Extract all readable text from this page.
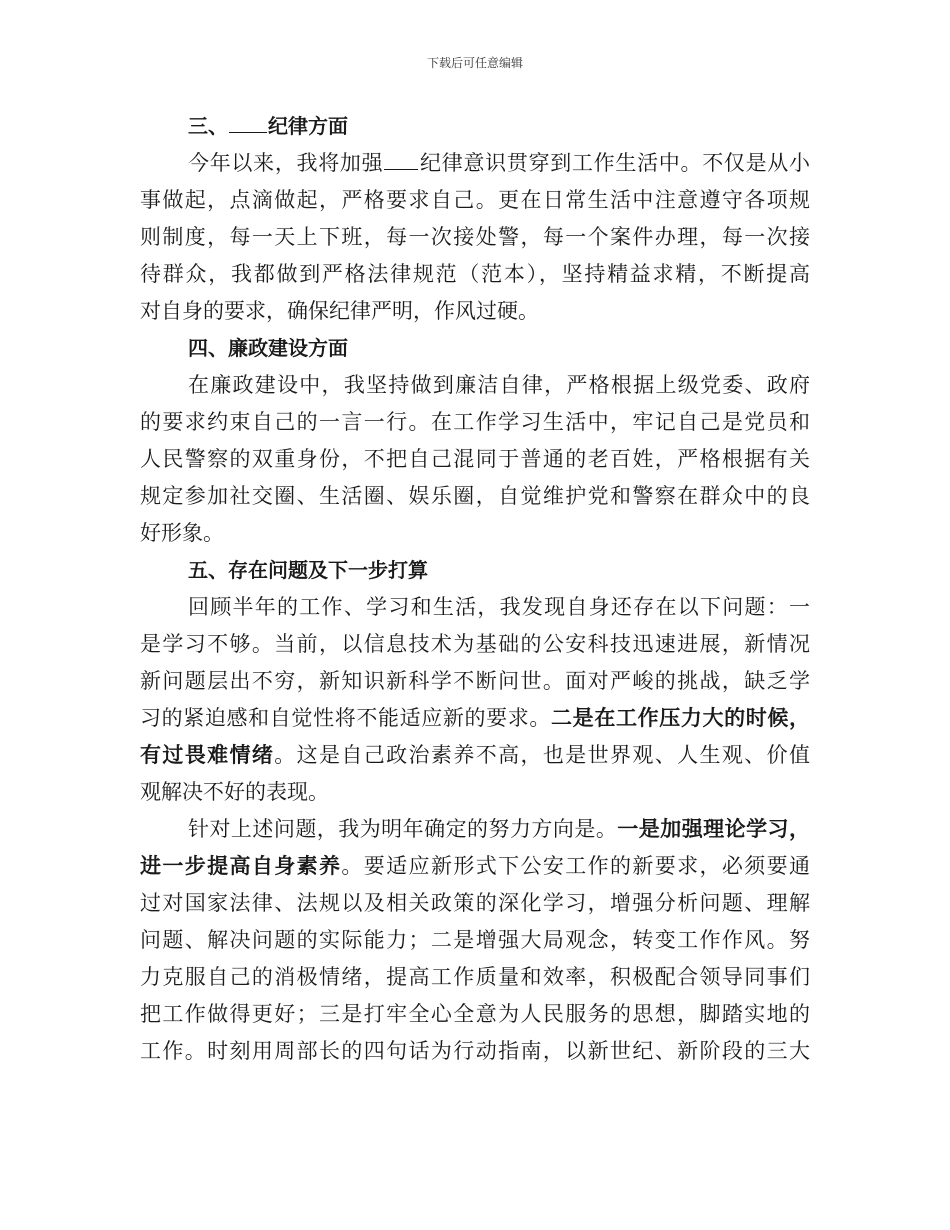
下载后可任意编辑
三、 纪律方面
今年以来，我将加强 纪律意识贯穿到工作生活中。不仅是从小
事做起，点滴做起，严格要求自己。更在日常生活中注意遵守各项规
则制度，每一天上下班，每一次接处警，每一个案件办理，每一次接
待群众，我都做到严格法律规范（范本），坚持精益求精，不断提高
对自身的要求，确保纪律严明，作风过硬。
四、廉政建设方面
在廉政建设中，我坚持做到廉洁自律，严格根据上级党委、政府
的要求约束自己的一言一行。在工作学习生活中，牢记自己是党员和
人民警察的双重身份，不把自己混同于普通的老百姓，严格根据有关
规定参加社交圈、生活圈、娱乐圈，自觉维护党和警察在群众中的良
好形象。
五、存在问题及下一步打算
回顾半年的工作、学习和生活，我发现自身还存在以下问题：一
是学习不够。当前，以信息技术为基础的公安科技迅速进展，新情况
新问题层出不穷，新知识新科学不断问世。面对严峻的挑战，缺乏学
习的紧迫感和自觉性将不能适应新的要求。二是在工作压力大的时候，
有过畏难情绪。这是自己政治素养不高，也是世界观、人生观、价值
观解决不好的表现。
针对上述问题，我为明年确定的努力方向是。一是加强理论学习，
进一步提高自身素养。要适应新形式下公安工作的新要求，必须要通
过对国家法律、法规以及相关政策的深化学习，增强分析问题、理解
问题、解决问题的实际能力；二是增强大局观念，转变工作作风。努
力克服自己的消极情绪，提高工作质量和效率，积极配合领导同事们
把工作做得更好；三是打牢全心全意为人民服务的思想，脚踏实地的
工作。时刻用周部长的四句话为行动指南，以新世纪、新阶段的三大
